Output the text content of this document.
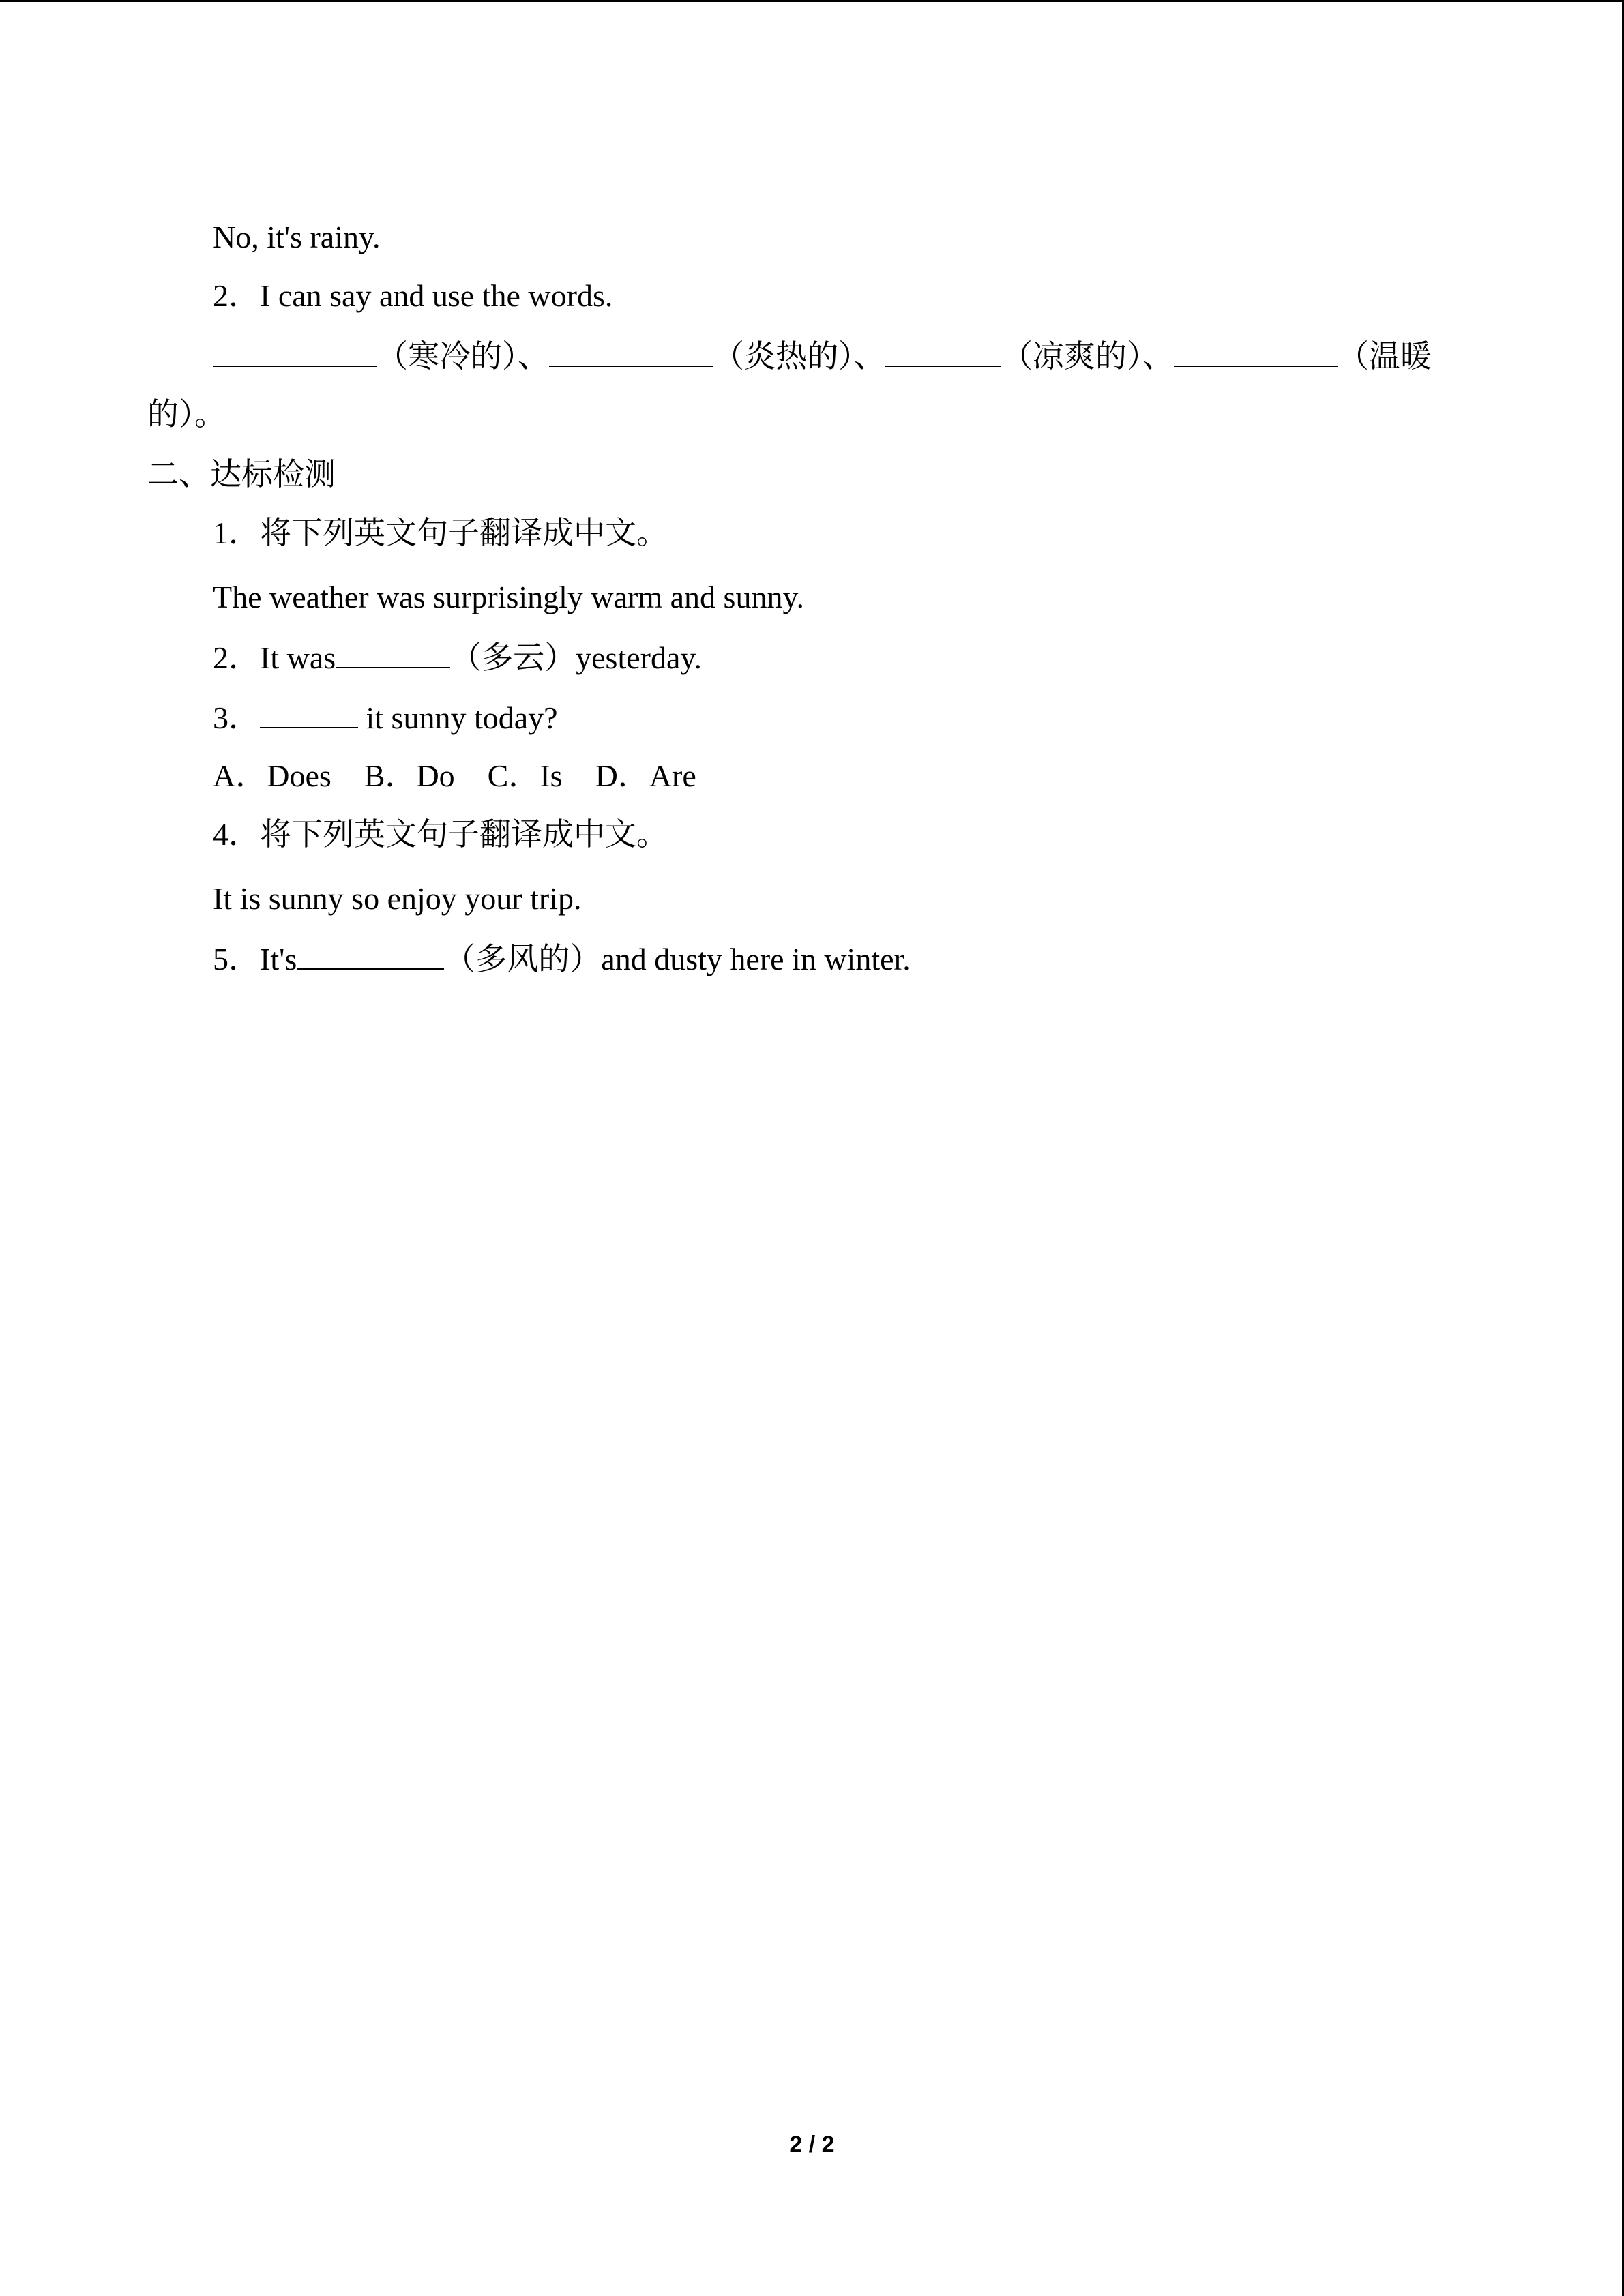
No, it's rainy.
2．I can say and use the words.
（寒冷的）、	（炎热的）、	（凉爽的）、	（温暖
的）。
二、达标检测
1．将下列英文句子翻译成中文。
The weather was surprisingly warm and sunny.
2．It was	（多云）yesterday.
3．	it sunny today?
A．Does B．Do C．Is D．Are
4．将下列英文句子翻译成中文。
It is sunny so enjoy your trip.
5．It's	（多风的）and dusty here in winter.
2 / 2
